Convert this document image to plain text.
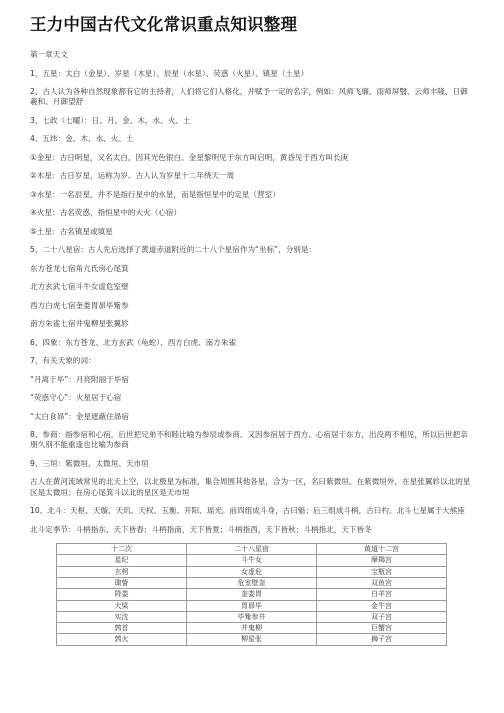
王力中国古代文化常识重点知识整理

第一章天文

1、五星：太白（金星）、岁星（木星）、辰星（水星）、荧惑（火星）、镇星（土星）

2、古人认为各种自然现象都有它的主持者，人们将它们人格化，并赋予一定的名字，例如：风师飞廉、雨师屏翳、云师丰隆、日御羲和、月御望舒

3、七政（七曜）：日、月、金、木、水、火、土

4、五纬：金、木、水、火、土

①金星：古日明星，又名太白，因其光色银白。金星黎明见于东方叫启明，黄昏见于西方叫长庚

②木星：古日岁星，运称为岁。古人认为岁星十二年绕天一周

③水星：一名辰星，并不是指行星中的水星，而是指恒星中的定星（营室）

④火星：古名荧惑，指恒星中的大火（心宿）

⑤土星：古名镇星或填星

5、二十八星宿：古人先后选择了黄道赤道附近的二十八个星宿作为“坐标”，分别是：

东方苍龙七宿角亢氐房心尾箕

北方玄武七宿斗牛女虚危室壁

西方白虎七宿奎娄胃昴毕觜参

南方朱雀七宿井鬼柳星张翼轸

6、四象：东方苍龙、北方玄武（龟蛇）、西方白虎、南方朱雀

7、有关天象的词：

“月离于毕”：月亮附丽于毕宿

“荧惑守心”：火星居于心宿

“太白食昴”：金星遮蔽住昴宿

8、参商：指参宿和心宿，后世把兄弟不和睦比喻为参辰或参商。又因参宿居于西方、心宿居于东方，出没两不相见，所以后世把亲朋久别不能重逢也比喻为参商

9、三垣：紫微垣、太微垣、天市垣

古人在黄河流域常见的北天上空，以北极星为标准，集合周围其他各星，合为一区，名曰紫微垣。在紫微垣外，在星张翼轸以北的星区是太微垣；在房心尾箕斗以北的星区是天市垣

10、北斗：天枢、天璇、天玑、天权、玉衡、开阳、瑶光。前四组成斗身，古曰魁；后三组成斗柄，古曰杓。北斗七星属于大熊座

北斗定季节：斗柄指东、天下皆春；斗柄指南，天下皆夏；斗柄指西，天下皆秋；斗柄指北，天下皆冬

十二次	二十八星宿	黄道十二宫
星纪	斗牛女	摩羯宫
玄枵	女虚危	宝瓶宫
诹訾	危室壁奎	双鱼宫
降娄	奎娄胃	白羊宫
大梁	胃昴毕	金牛宫
实沈	毕觜参井	双子宫
鹑首	井鬼柳	巨蟹宫
鹑火	柳星张	狮子宫
